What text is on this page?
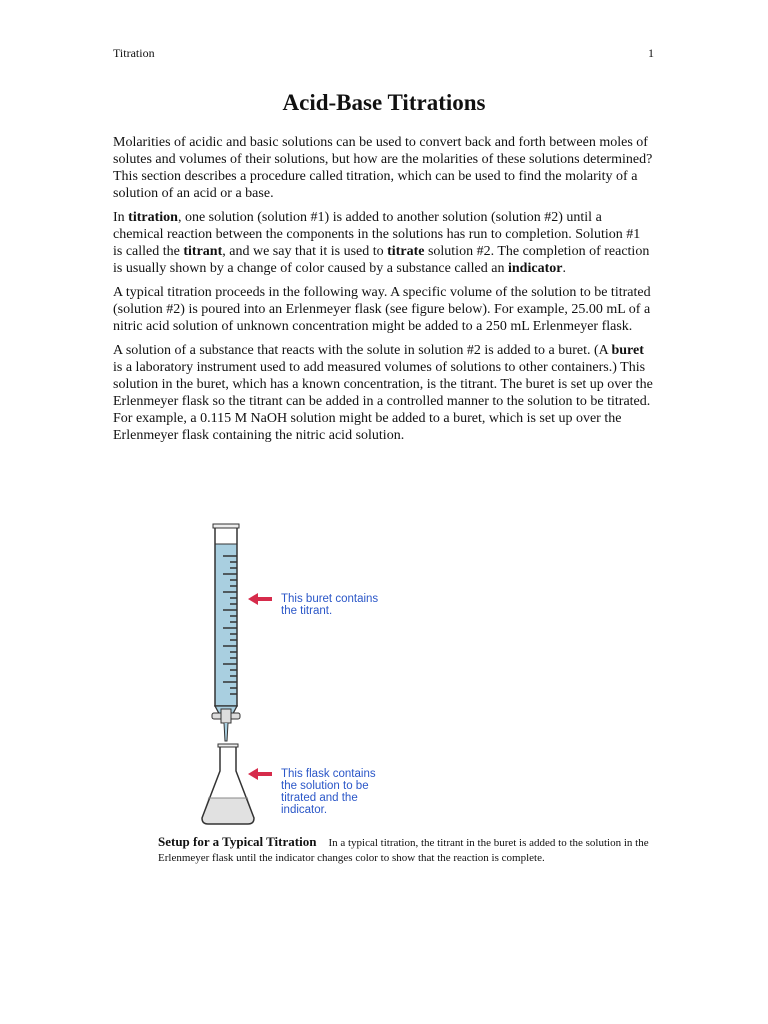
Titration	1
Acid-Base Titrations

Molarities of acidic and basic solutions can be used to convert back and forth between moles of solutes and volumes of their solutions, but how are the molarities of these solutions determined? This section describes a procedure called titration, which can be used to find the molarity of a solution of an acid or a base.

In titration, one solution (solution #1) is added to another solution (solution #2) until a chemical reaction between the components in the solutions has run to completion. Solution #1 is called the titrant, and we say that it is used to titrate solution #2. The completion of reaction is usually shown by a change of color caused by a substance called an indicator.

A typical titration proceeds in the following way. A specific volume of the solution to be titrated (solution #2) is poured into an Erlenmeyer flask (see figure below). For example, 25.00 mL of a nitric acid solution of unknown concentration might be added to a 250 mL Erlenmeyer flask.

A solution of a substance that reacts with the solute in solution #2 is added to a buret. (A buret is a laboratory instrument used to add measured volumes of solutions to other containers.) This solution in the buret, which has a known concentration, is the titrant. The buret is set up over the Erlenmeyer flask so the titrant can be added in a controlled manner to the solution to be titrated. For example, a 0.115 M NaOH solution might be added to a buret, which is set up over the Erlenmeyer flask containing the nitric acid solution.

This buret contains
the titrant.
This flask contains
the solution to be
titrated and the
indicator.
Setup for a Typical Titration In a typical titration, the titrant in the buret is added to the solution in the Erlenmeyer flask until the indicator changes color to show that the reaction is complete.
